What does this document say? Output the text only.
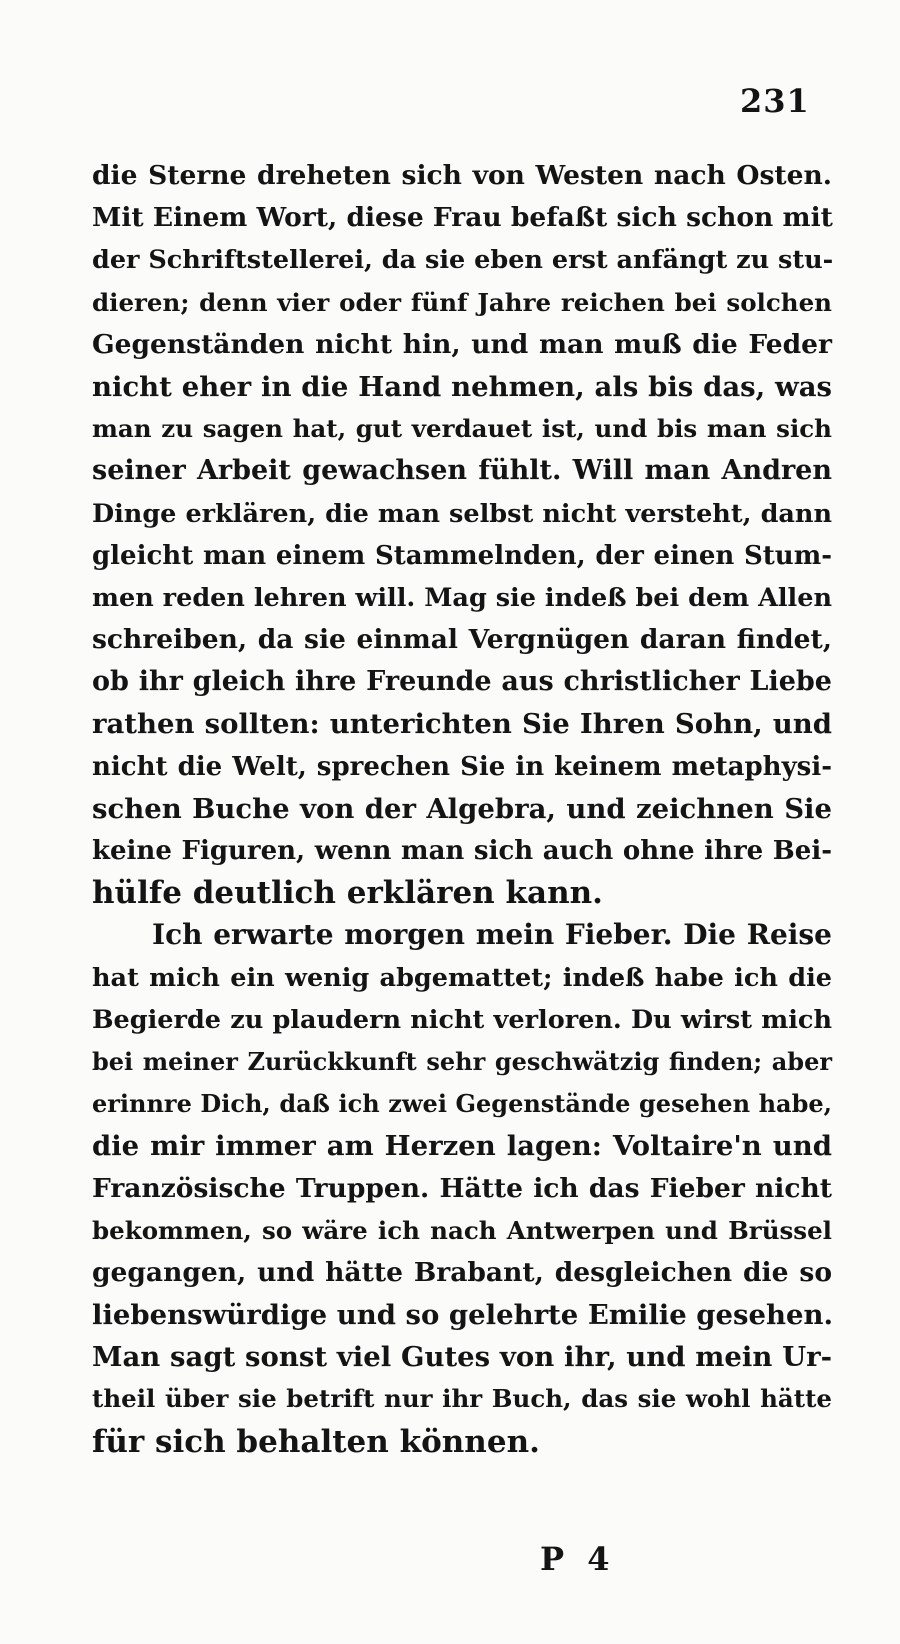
231
die Sterne dreheten sich von Westen nach Osten.
Mit Einem Wort, diese Frau befaßt sich schon mit
der Schriftstellerei, da sie eben erst anfängt zu stu-
dieren; denn vier oder fünf Jahre reichen bei solchen
Gegenständen nicht hin, und man muß die Feder
nicht eher in die Hand nehmen, als bis das, was
man zu sagen hat, gut verdauet ist, und bis man sich
seiner Arbeit gewachsen fühlt. Will man Andren
Dinge erklären, die man selbst nicht versteht, dann
gleicht man einem Stammelnden, der einen Stum-
men reden lehren will. Mag sie indeß bei dem Allen
schreiben, da sie einmal Vergnügen daran findet,
ob ihr gleich ihre Freunde aus christlicher Liebe
rathen sollten: unterichten Sie Ihren Sohn, und
nicht die Welt, sprechen Sie in keinem metaphysi-
schen Buche von der Algebra, und zeichnen Sie
keine Figuren, wenn man sich auch ohne ihre Bei-
hülfe deutlich erklären kann.
Ich erwarte morgen mein Fieber. Die Reise
hat mich ein wenig abgemattet; indeß habe ich die
Begierde zu plaudern nicht verloren. Du wirst mich
bei meiner Zurückkunft sehr geschwätzig finden; aber
erinnre Dich, daß ich zwei Gegenstände gesehen habe,
die mir immer am Herzen lagen: Voltaire'n und
Französische Truppen. Hätte ich das Fieber nicht
bekommen, so wäre ich nach Antwerpen und Brüssel
gegangen, und hätte Brabant, desgleichen die so
liebenswürdige und so gelehrte Emilie gesehen.
Man sagt sonst viel Gutes von ihr, und mein Ur-
theil über sie betrift nur ihr Buch, das sie wohl hätte
für sich behalten können.
P 4
